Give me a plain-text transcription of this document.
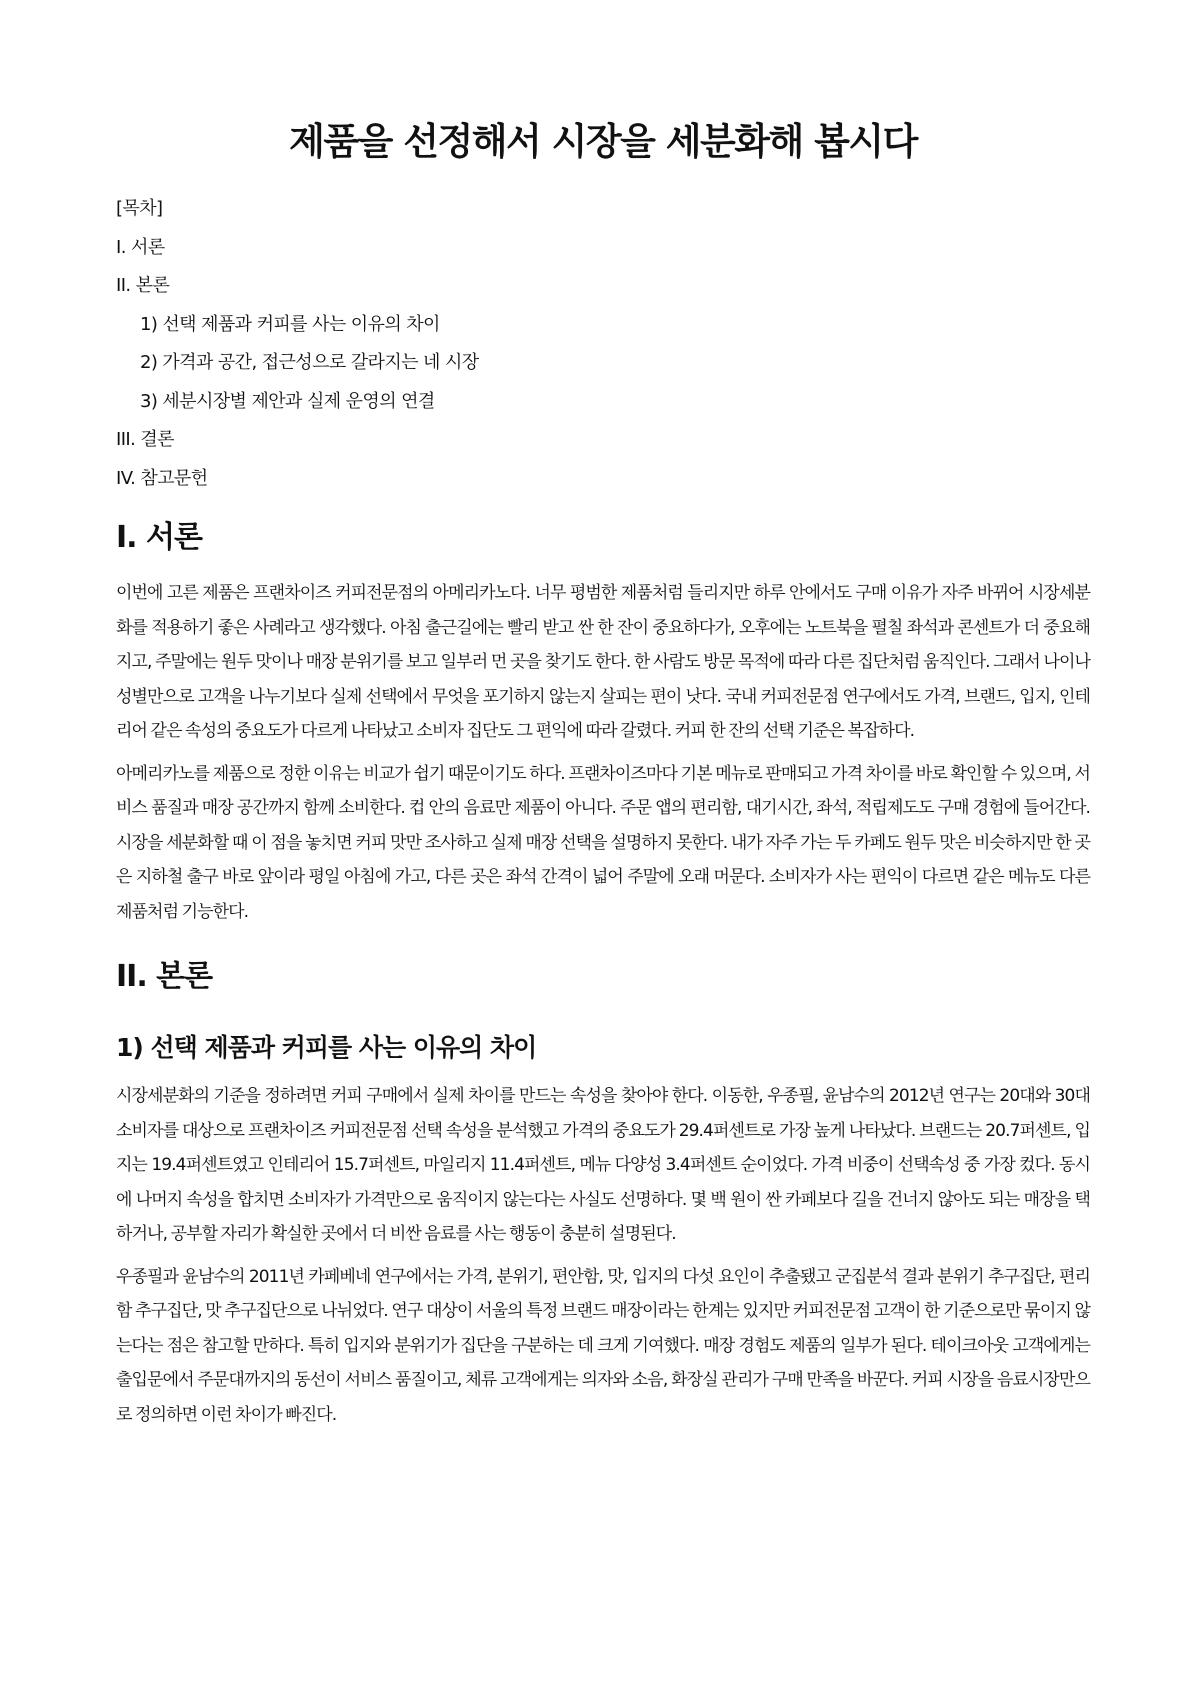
제품을 선정해서 시장을 세분화해 봅시다
[목차]
I. 서론
II. 본론
1) 선택 제품과 커피를 사는 이유의 차이
2) 가격과 공간, 접근성으로 갈라지는 네 시장
3) 세분시장별 제안과 실제 운영의 연결
III. 결론
IV. 참고문헌
I. 서론

이번에 고른 제품은 프랜차이즈 커피전문점의 아메리카노다. 너무 평범한 제품처럼 들리지만 하루 안에서도 구매 이유가 자주 바뀌어 시장세분화를 적용하기 좋은 사례라고 생각했다. 아침 출근길에는 빨리 받고 싼 한 잔이 중요하다가, 오후에는 노트북을 펼칠 좌석과 콘센트가 더 중요해지고, 주말에는 원두 맛이나 매장 분위기를 보고 일부러 먼 곳을 찾기도 한다. 한 사람도 방문 목적에 따라 다른 집단처럼 움직인다. 그래서 나이나 성별만으로 고객을 나누기보다 실제 선택에서 무엇을 포기하지 않는지 살피는 편이 낫다. 국내 커피전문점 연구에서도 가격, 브랜드, 입지, 인테리어 같은 속성의 중요도가 다르게 나타났고 소비자 집단도 그 편익에 따라 갈렸다. 커피 한 잔의 선택 기준은 복잡하다.

아메리카노를 제품으로 정한 이유는 비교가 쉽기 때문이기도 하다. 프랜차이즈마다 기본 메뉴로 판매되고 가격 차이를 바로 확인할 수 있으며, 서비스 품질과 매장 공간까지 함께 소비한다. 컵 안의 음료만 제품이 아니다. 주문 앱의 편리함, 대기시간, 좌석, 적립제도도 구매 경험에 들어간다. 시장을 세분화할 때 이 점을 놓치면 커피 맛만 조사하고 실제 매장 선택을 설명하지 못한다. 내가 자주 가는 두 카페도 원두 맛은 비슷하지만 한 곳은 지하철 출구 바로 앞이라 평일 아침에 가고, 다른 곳은 좌석 간격이 넓어 주말에 오래 머문다. 소비자가 사는 편익이 다르면 같은 메뉴도 다른 제품처럼 기능한다.

II. 본론
1) 선택 제품과 커피를 사는 이유의 차이

시장세분화의 기준을 정하려면 커피 구매에서 실제 차이를 만드는 속성을 찾아야 한다. 이동한, 우종필, 윤남수의 2012년 연구는 20대와 30대 소비자를 대상으로 프랜차이즈 커피전문점 선택 속성을 분석했고 가격의 중요도가 29.4퍼센트로 가장 높게 나타났다. 브랜드는 20.7퍼센트, 입지는 19.4퍼센트였고 인테리어 15.7퍼센트, 마일리지 11.4퍼센트, 메뉴 다양성 3.4퍼센트 순이었다. 가격 비중이 선택속성 중 가장 컸다. 동시에 나머지 속성을 합치면 소비자가 가격만으로 움직이지 않는다는 사실도 선명하다. 몇 백 원이 싼 카페보다 길을 건너지 않아도 되는 매장을 택하거나, 공부할 자리가 확실한 곳에서 더 비싼 음료를 사는 행동이 충분히 설명된다.

우종필과 윤남수의 2011년 카페베네 연구에서는 가격, 분위기, 편안함, 맛, 입지의 다섯 요인이 추출됐고 군집분석 결과 분위기 추구집단, 편리함 추구집단, 맛 추구집단으로 나뉘었다. 연구 대상이 서울의 특정 브랜드 매장이라는 한계는 있지만 커피전문점 고객이 한 기준으로만 묶이지 않는다는 점은 참고할 만하다. 특히 입지와 분위기가 집단을 구분하는 데 크게 기여했다. 매장 경험도 제품의 일부가 된다. 테이크아웃 고객에게는 출입문에서 주문대까지의 동선이 서비스 품질이고, 체류 고객에게는 의자와 소음, 화장실 관리가 구매 만족을 바꾼다. 커피 시장을 음료시장만으로 정의하면 이런 차이가 빠진다.
